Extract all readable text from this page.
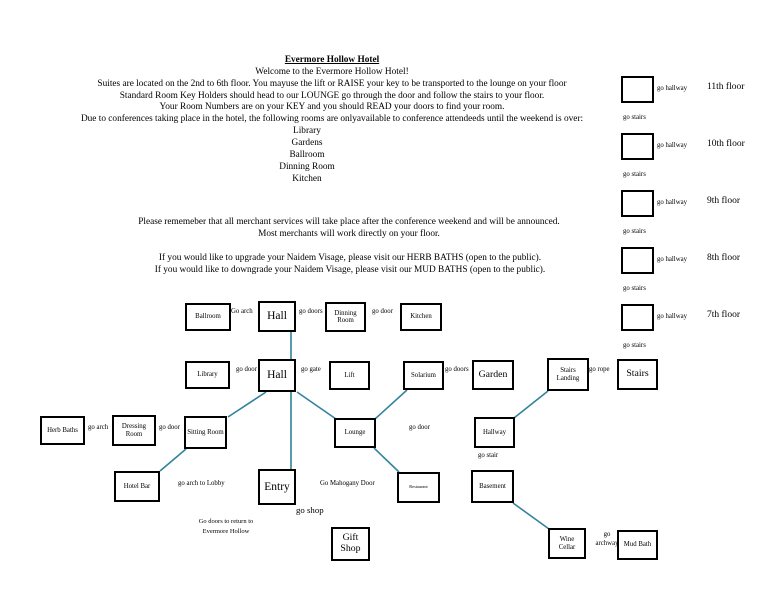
Evermore Hollow Hotel
Welcome to the Evermore Hollow Hotel!
Suites are located on the 2nd to 6th floor. You mayuse the lift or RAISE your key to be transported to the lounge on your floor
Standard Room Key Holders should head to our LOUNGE go through the door and follow the stairs to your floor.
Your Room Numbers are on your KEY and you should READ your doors to find your room.
Due to conferences taking place in the hotel, the following rooms are onlyavailable to conference attendeeds until the weekend is over:
Library
Gardens
Ballroom
Dinning Room
Kitchen
Please rememeber that all merchant services will take place after the conference weekend and will be announced.
Most merchants will work directly on your floor.
If you would like to upgrade your Naidem Visage, please visit our HERB BATHS (open to the public).
If you would like to downgrade your Naidem Visage, please visit our MUD BATHS (open to the public).
go hallway 11th floor
go stairs
go hallway 10th floor
go stairs
go hallway 9th floor
go stairs
go hallway 8th floor
go stairs
go hallway 7th floor
go stairs
Ballroom	Hall	Dinning Room
Kitchen
Library	Hall	Lift	Solarium	Garden	Stairs Landing	Stairs
Herb Baths
Dressing Room	Sitting Room	Lounge	Hallway
Hotel Bar	Entry	Restaurant	Basement
Gift Shop
Wine Cellar	Mud Bath
Go arch	go doors	go door
go door	go gate	go doors	go rope
go arch	go door	go door
go stair
go arch to Lobby	Go Mahogany Door
go shop
go archway
Go doors to return to Evermore Hollow
